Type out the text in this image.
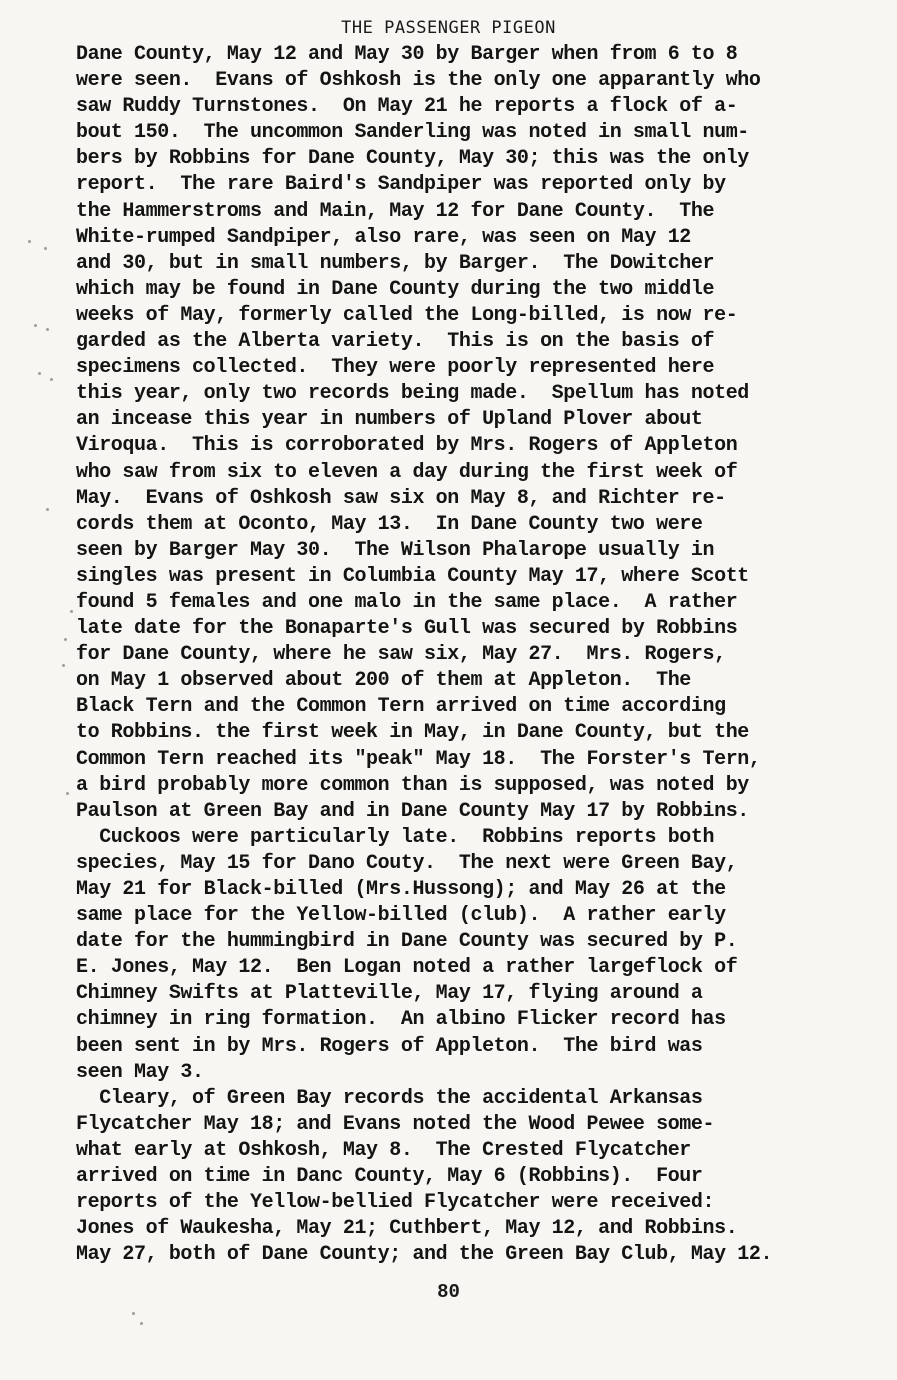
THE PASSENGER PIGEON
Dane County, May 12 and May 30 by Barger when from 6 to 8
were seen.  Evans of Oshkosh is the only one apparantly who
saw Ruddy Turnstones.  On May 21 he reports a flock of a-
bout 150.  The uncommon Sanderling was noted in small num-
bers by Robbins for Dane County, May 30; this was the only
report.  The rare Baird's Sandpiper was reported only by
the Hammerstroms and Main, May 12 for Dane County.  The
White-rumped Sandpiper, also rare, was seen on May 12
and 30, but in small numbers, by Barger.  The Dowitcher
which may be found in Dane County during the two middle
weeks of May, formerly called the Long-billed, is now re-
garded as the Alberta variety.  This is on the basis of
specimens collected.  They were poorly represented here
this year, only two records being made.  Spellum has noted
an incease this year in numbers of Upland Plover about
Viroqua.  This is corroborated by Mrs. Rogers of Appleton
who saw from six to eleven a day during the first week of
May.  Evans of Oshkosh saw six on May 8, and Richter re-
cords them at Oconto, May 13.  In Dane County two were
seen by Barger May 30.  The Wilson Phalarope usually in
singles was present in Columbia County May 17, where Scott
found 5 females and one malo in the same place.  A rather
late date for the Bonaparte's Gull was secured by Robbins
for Dane County, where he saw six, May 27.  Mrs. Rogers,
on May 1 observed about 200 of them at Appleton.  The
Black Tern and the Common Tern arrived on time according
to Robbins. the first week in May, in Dane County, but the
Common Tern reached its "peak" May 18.  The Forster's Tern,
a bird probably more common than is supposed, was noted by
Paulson at Green Bay and in Dane County May 17 by Robbins.
Cuckoos were particularly late.  Robbins reports both
species, May 15 for Dano Couty.  The next were Green Bay,
May 21 for Black-billed (Mrs.Hussong); and May 26 at the
same place for the Yellow-billed (club).  A rather early
date for the hummingbird in Dane County was secured by P.
E. Jones, May 12.  Ben Logan noted a rather largeflock of
Chimney Swifts at Platteville, May 17, flying around a
chimney in ring formation.  An albino Flicker record has
been sent in by Mrs. Rogers of Appleton.  The bird was
seen May 3.
Cleary, of Green Bay records the accidental Arkansas
Flycatcher May 18; and Evans noted the Wood Pewee some-
what early at Oshkosh, May 8.  The Crested Flycatcher
arrived on time in Danc County, May 6 (Robbins).  Four
reports of the Yellow-bellied Flycatcher were received:
Jones of Waukesha, May 21; Cuthbert, May 12, and Robbins.
May 27, both of Dane County; and the Green Bay Club, May 12.
80
